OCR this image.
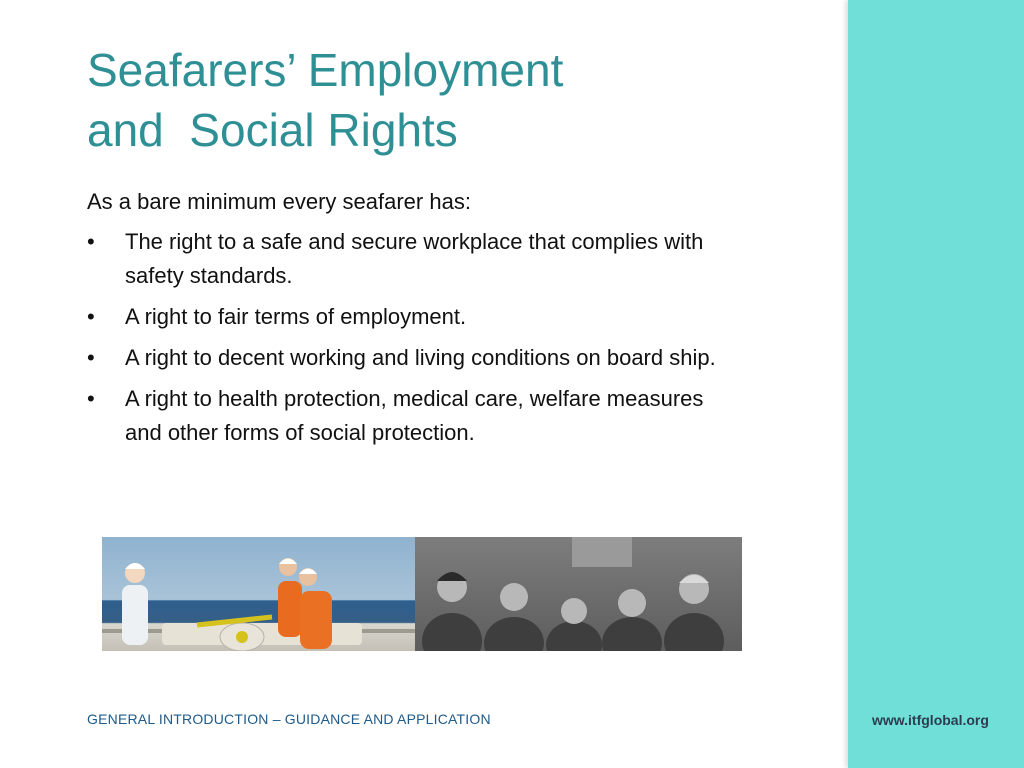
Seafarers’ Employment
and  Social Rights

As a bare minimum every seafarer has:

•	The right to a safe and secure workplace that complies with safety standards.
•	A right to fair terms of employment.
•	A right to decent working and living conditions on board ship.
•	A right to health protection, medical care, welfare measures and other forms of social protection.
GENERAL INTRODUCTION – GUIDANCE AND APPLICATION	www.itfglobal.org
